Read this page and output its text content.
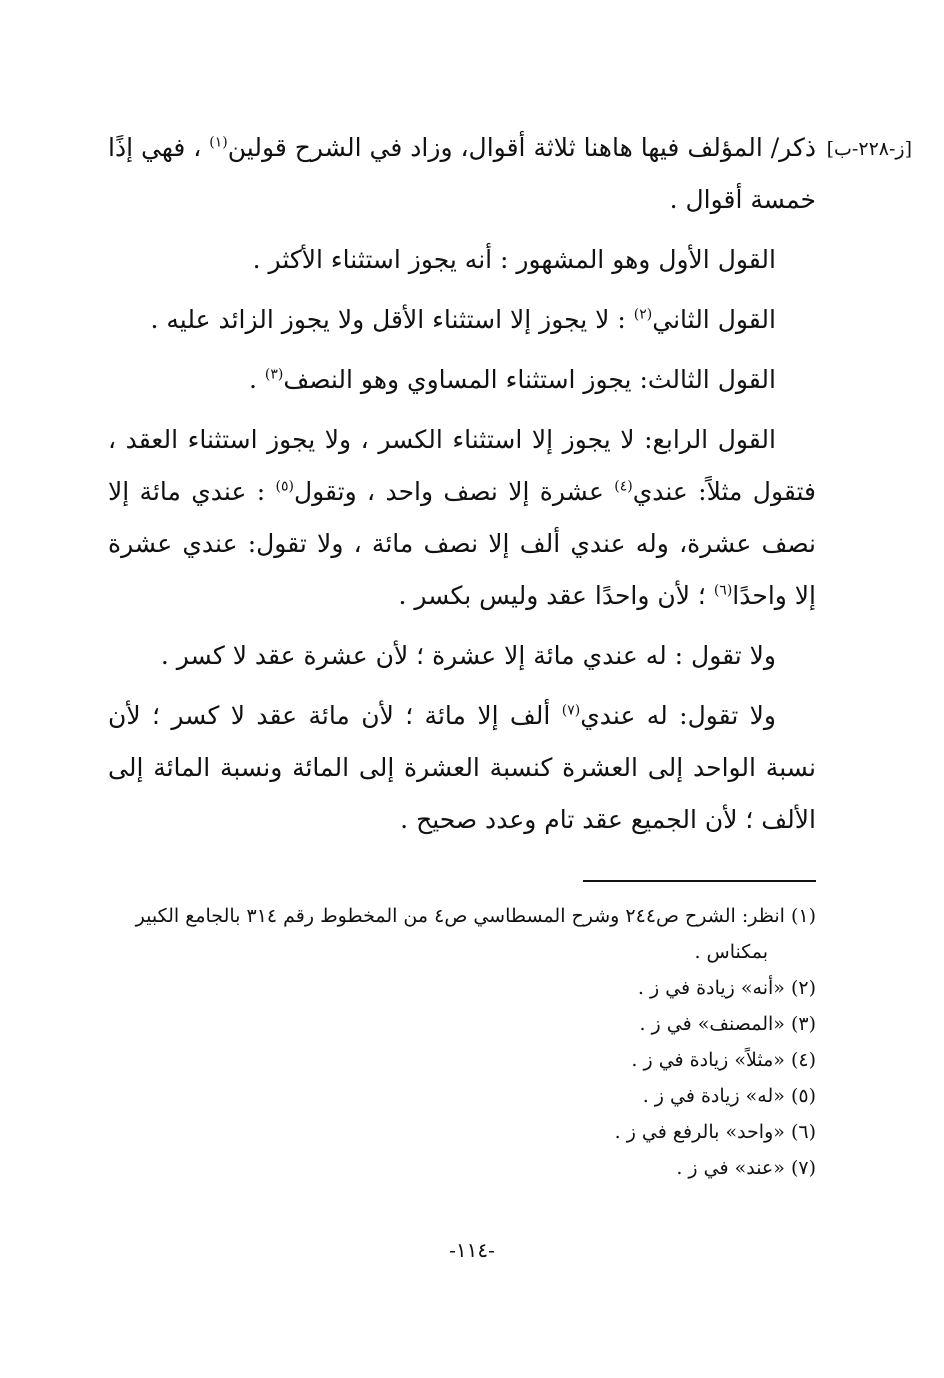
[ز-٢٢٨-ب]

ذكر/ المؤلف فيها هاهنا ثلاثة أقوال، وزاد في الشرح قولين$^{(١)}$ ، فهي إذًا خمسة أقوال .

القول الأول وهو المشهور : أنه يجوز استثناء الأكثر .

القول الثاني$^{(٢)}$ : لا يجوز إلا استثناء الأقل ولا يجوز الزائد عليه .

القول الثالث: يجوز استثناء المساوي وهو النصف$^{(٣)}$ .

القول الرابع: لا يجوز إلا استثناء الكسر ، ولا يجوز استثناء العقد ، فتقول مثلاً: عندي$^{(٤)}$ عشرة إلا نصف واحد ، وتقول$^{(٥)}$ : عندي مائة إلا نصف عشرة، وله عندي ألف إلا نصف مائة ، ولا تقول: عندي عشرة إلا واحدًا$^{(٦)}$ ؛ لأن واحدًا عقد وليس بكسر .

ولا تقول : له عندي مائة إلا عشرة ؛ لأن عشرة عقد لا كسر .

ولا تقول: له عندي$^{(٧)}$ ألف إلا مائة ؛ لأن مائة عقد لا كسر ؛ لأن نسبة الواحد إلى العشرة كنسبة العشرة إلى المائة ونسبة المائة إلى الألف ؛ لأن الجميع عقد تام وعدد صحيح .

(١) انظر: الشرح ص٢٤٤ وشرح المسطاسي ص٤ من المخطوط رقم ٣١٤ بالجامع الكبير
بمكناس .

(٢) «أنه» زيادة في ز .

(٣) «المصنف» في ز .

(٤) «مثلاً» زيادة في ز .

(٥) «له» زيادة في ز .

(٦) «واحد» بالرفع في ز .

(٧) «عند» في ز .

-١١٤-
